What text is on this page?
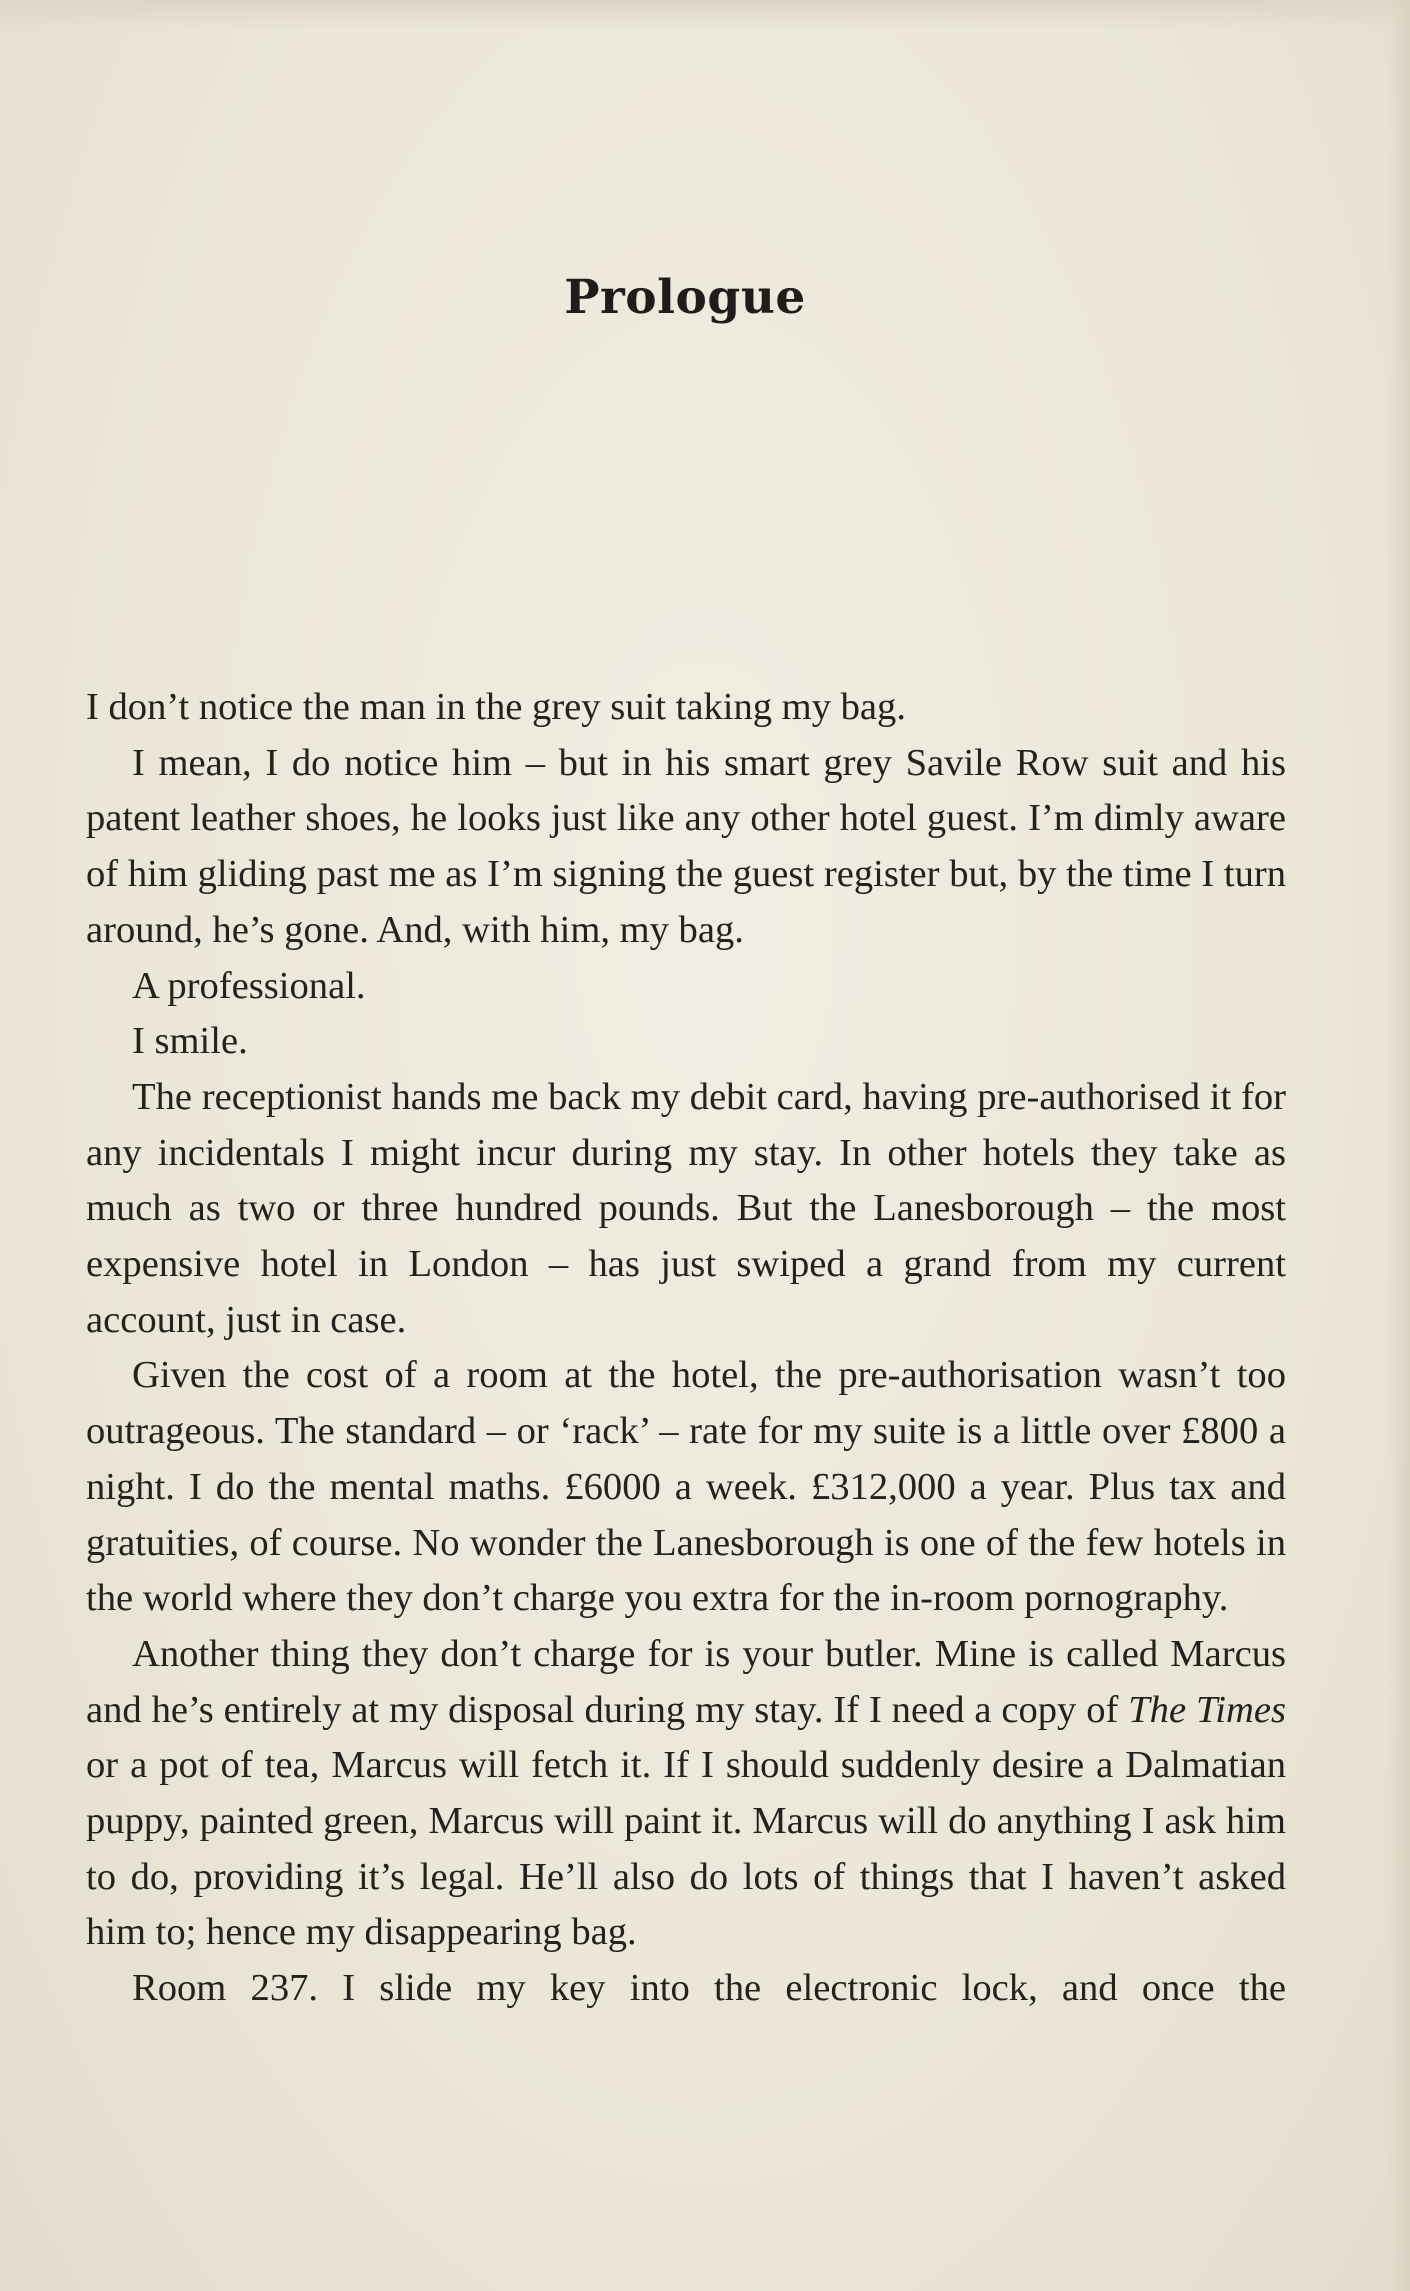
Prologue

I don’t notice the man in the grey suit taking my bag.

I mean, I do notice him – but in his smart grey Savile Row suit and his patent leather shoes, he looks just like any other hotel guest. I’m dimly aware of him gliding past me as I’m signing the guest register but, by the time I turn around, he’s gone. And, with him, my bag.

A professional.

I smile.

The receptionist hands me back my debit card, having pre-authorised it for any incidentals I might incur during my stay. In other hotels they take as much as two or three hundred pounds. But the Lanesborough – the most expensive hotel in London – has just swiped a grand from my current account, just in case.

Given the cost of a room at the hotel, the pre-authorisation wasn’t too outrageous. The standard – or ‘rack’ – rate for my suite is a little over £800 a night. I do the mental maths. £6000 a week. £312,000 a year. Plus tax and gratuities, of course. No wonder the Lanesborough is one of the few hotels in the world where they don’t charge you extra for the in-room pornography.

Another thing they don’t charge for is your butler. Mine is called Marcus and he’s entirely at my disposal during my stay. If I need a copy of The Times or a pot of tea, Marcus will fetch it. If I should suddenly desire a Dalmatian puppy, painted green, Marcus will paint it. Marcus will do anything I ask him to do, providing it’s legal. He’ll also do lots of things that I haven’t asked him to; hence my disappearing bag.

Room 237. I slide my key into the electronic lock, and once the
